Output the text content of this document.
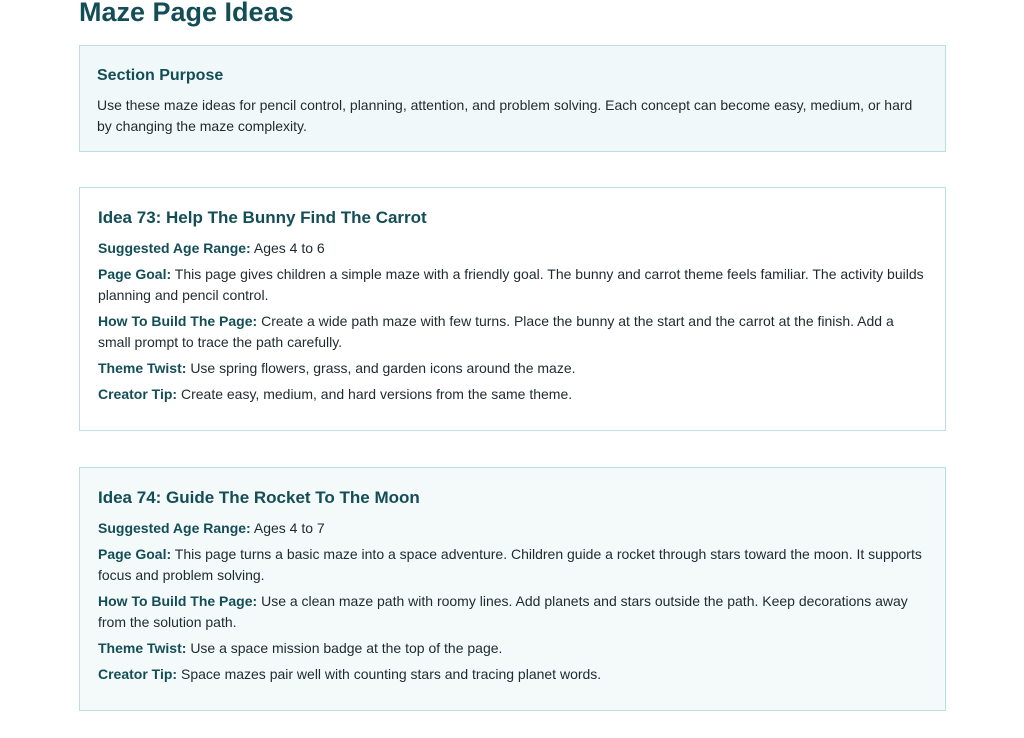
Maze Page Ideas
Section Purpose

Use these maze ideas for pencil control, planning, attention, and problem solving. Each concept can become easy, medium, or hard by changing the maze complexity.

Idea 73: Help The Bunny Find The Carrot

Suggested Age Range: Ages 4 to 6

Page Goal: This page gives children a simple maze with a friendly goal. The bunny and carrot theme feels familiar. The activity builds planning and pencil control.

How To Build The Page: Create a wide path maze with few turns. Place the bunny at the start and the carrot at the finish. Add a small prompt to trace the path carefully.

Theme Twist: Use spring flowers, grass, and garden icons around the maze.

Creator Tip: Create easy, medium, and hard versions from the same theme.

Idea 74: Guide The Rocket To The Moon

Suggested Age Range: Ages 4 to 7

Page Goal: This page turns a basic maze into a space adventure. Children guide a rocket through stars toward the moon. It supports focus and problem solving.

How To Build The Page: Use a clean maze path with roomy lines. Add planets and stars outside the path. Keep decorations away from the solution path.

Theme Twist: Use a space mission badge at the top of the page.

Creator Tip: Space mazes pair well with counting stars and tracing planet words.
